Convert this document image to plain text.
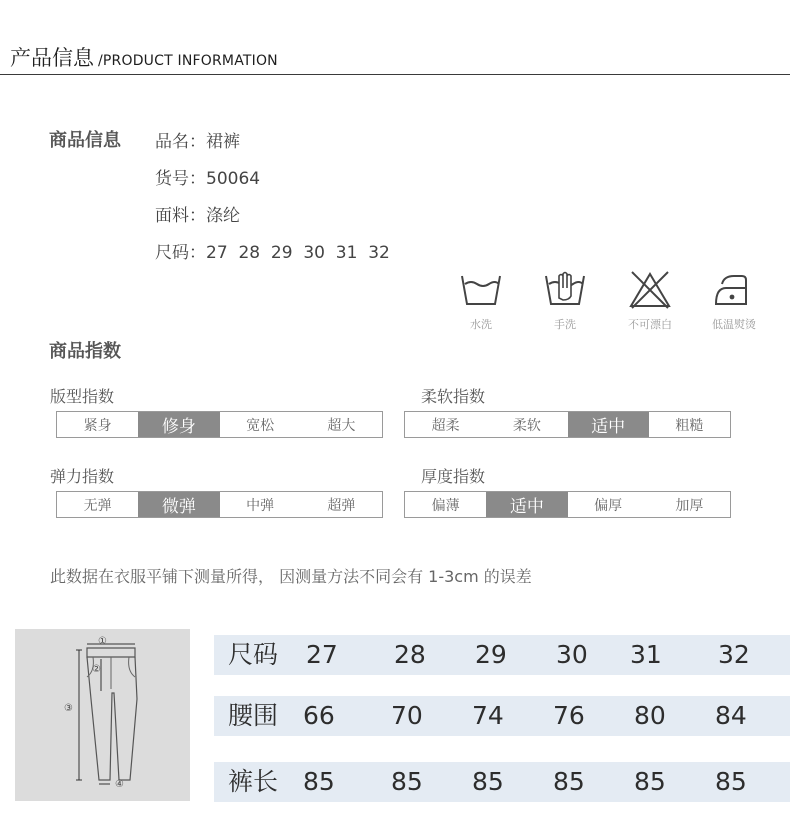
产品信息 /PRODUCT INFORMATION
商品信息 品名：裙裤
货号：50064
面料：涤纶
尺码：27  28  29  30  31  32
水洗	手洗	不可漂白	低温熨烫
商品指数
版型指数
紧身	修身	宽松	超大
柔软指数
超柔	柔软	适中	粗糙
弹力指数
无弹	微弹	中弹	超弹
厚度指数
偏薄	适中	偏厚	加厚
此数据在衣服平铺下测量所得， 因测量方法不同会有 1-3cm 的误差
①
②
③
④
尺码 27 28 29 30 31 32
腰围 66 70 74 76 80 84
裤长 85 85 85 85 85 85
